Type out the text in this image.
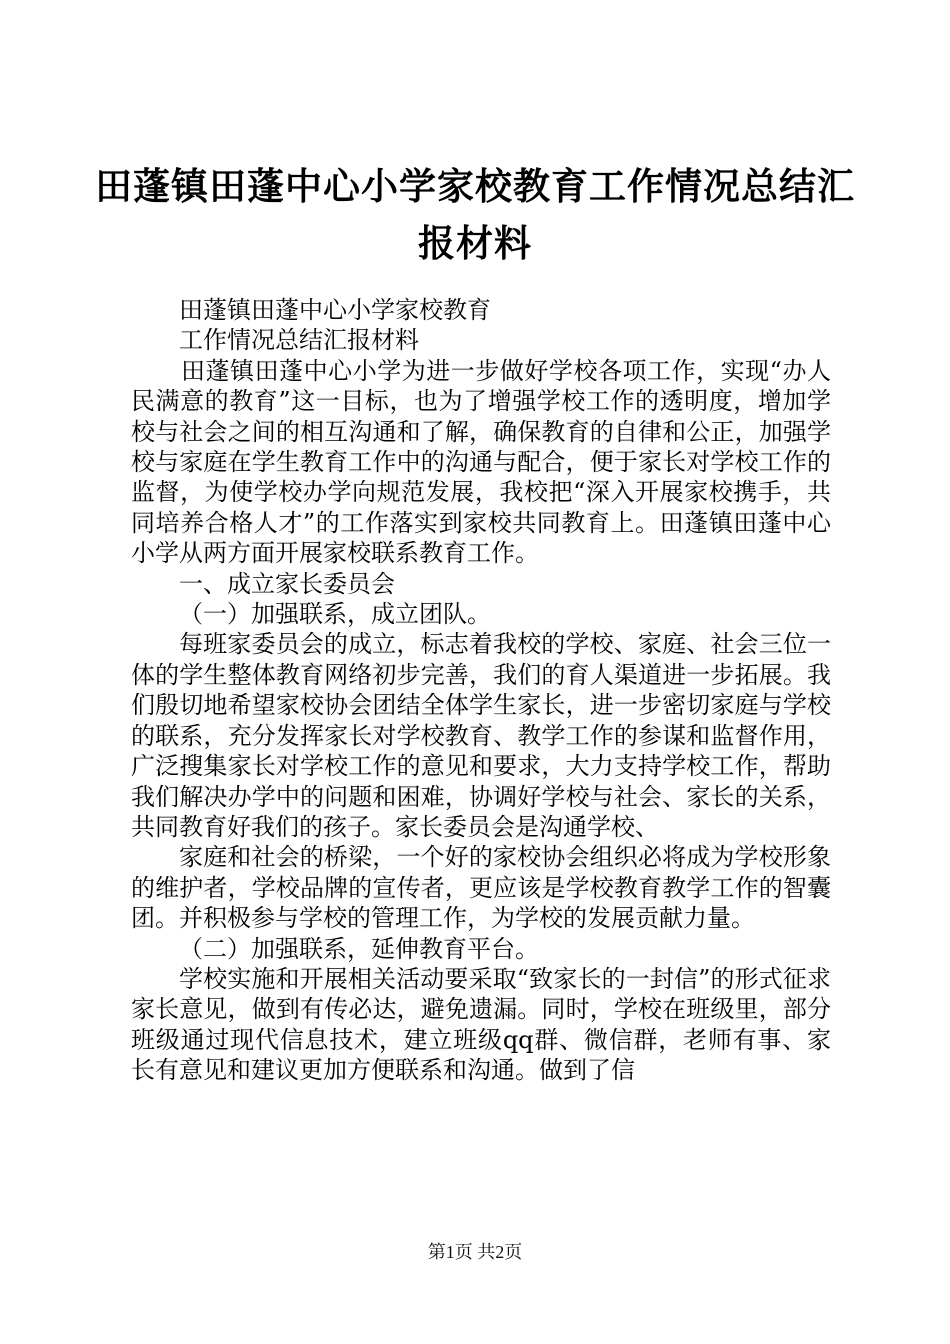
田蓬镇田蓬中心小学家校教育工作情况总结汇
报材料

田蓬镇田蓬中心小学家校教育

工作情况总结汇报材料

田蓬镇田蓬中心小学为进一步做好学校各项工作，实现“办人民满意的教育”这一目标，也为了增强学校工作的透明度，增加学校与社会之间的相互沟通和了解，确保教育的自律和公正，加强学校与家庭在学生教育工作中的沟通与配合，便于家长对学校工作的监督，为使学校办学向规范发展，我校把“深入开展家校携手，共同培养合格人才”的工作落实到家校共同教育上。田蓬镇田蓬中心小学从两方面开展家校联系教育工作。

一、成立家长委员会

（一）加强联系，成立团队。

每班家委员会的成立，标志着我校的学校、家庭、社会三位一体的学生整体教育网络初步完善，我们的育人渠道进一步拓展。我们殷切地希望家校协会团结全体学生家长，进一步密切家庭与学校的联系，充分发挥家长对学校教育、教学工作的参谋和监督作用，广泛搜集家长对学校工作的意见和要求，大力支持学校工作，帮助我们解决办学中的问题和困难，协调好学校与社会、家长的关系，共同教育好我们的孩子。家长委员会是沟通学校、

家庭和社会的桥梁，一个好的家校协会组织必将成为学校形象的维护者，学校品牌的宣传者，更应该是学校教育教学工作的智囊团。并积极参与学校的管理工作，为学校的发展贡献力量。

（二）加强联系，延伸教育平台。

学校实施和开展相关活动要采取“致家长的一封信”的形式征求家长意见，做到有传必达，避免遗漏。同时，学校在班级里，部分班级通过现代信息技术，建立班级qq群、微信群，老师有事、家长有意见和建议更加方便联系和沟通。做到了信

第1页 共2页
